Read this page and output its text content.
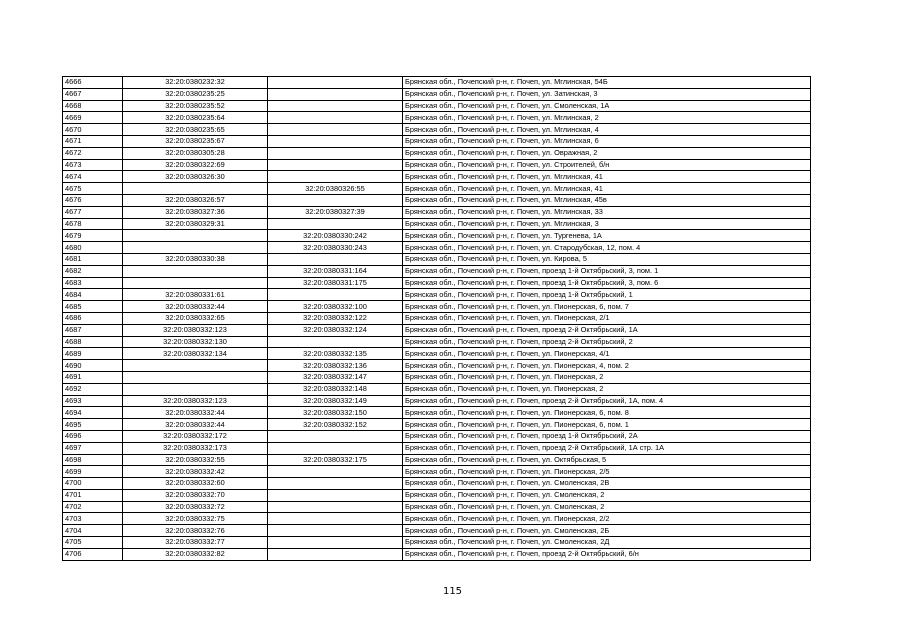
4666	32:20:0380232:32		Брянская обл., Почепский р-н, г. Почеп, ул. Мглинская, 54Б
4667	32:20:0380235:25		Брянская обл., Почепский р-н, г. Почеп, ул. Затинская, 3
4668	32:20:0380235:52		Брянская обл., Почепский р-н, г. Почеп, ул. Смоленская, 1А
4669	32:20:0380235:64		Брянская обл., Почепский р-н, г. Почеп, ул. Мглинская, 2
4670	32:20:0380235:65		Брянская обл., Почепский р-н, г. Почеп, ул. Мглинская, 4
4671	32:20:0380235:67		Брянская обл., Почепский р-н, г. Почеп, ул. Мглинская, 6
4672	32:20:0380305:28		Брянская обл., Почепский р-н, г. Почеп, ул. Овражная, 2
4673	32:20:0380322:69		Брянская обл., Почепский р-н, г. Почеп, ул. Строителей, б/н
4674	32:20:0380326:30		Брянская обл., Почепский р-н, г. Почеп, ул. Мглинская, 41
4675		32:20:0380326:55	Брянская обл., Почепский р-н, г. Почеп, ул. Мглинская, 41
4676	32:20:0380326:57		Брянская обл., Почепский р-н, г. Почеп, ул. Мглинская, 45в
4677	32:20:0380327:36	32:20:0380327:39	Брянская обл., Почепский р-н, г. Почеп, ул. Мглинская, 33
4678	32:20:0380329:31		Брянская обл., Почепский р-н, г. Почеп, ул. Мглинская, 3
4679		32:20:0380330:242	Брянская обл., Почепский р-н, г. Почеп, ул. Тургенева, 1А
4680		32:20:0380330:243	Брянская обл., Почепский р-н, г. Почеп, ул. Стародубская, 12, пом. 4
4681	32:20:0380330:38		Брянская обл., Почепский р-н, г. Почеп, ул. Кирова, 5
4682		32:20:0380331:164	Брянская обл., Почепский р-н, г. Почеп, проезд 1-й Октябрьский, 3, пом. 1
4683		32:20:0380331:175	Брянская обл., Почепский р-н, г. Почеп, проезд 1-й Октябрьский, 3, пом. 6
4684	32:20:0380331:61		Брянская обл., Почепский р-н, г. Почеп, проезд 1-й Октябрьский, 1
4685	32:20:0380332:44	32:20:0380332:100	Брянская обл., Почепский р-н, г. Почеп, ул. Пионерская, 6, пом. 7
4686	32:20:0380332:65	32:20:0380332:122	Брянская обл., Почепский р-н, г. Почеп, ул. Пионерская, 2/1
4687	32:20:0380332:123	32:20:0380332:124	Брянская обл., Почепский р-н, г. Почеп, проезд 2-й Октябрьский, 1А
4688	32:20:0380332:130		Брянская обл., Почепский р-н, г. Почеп, проезд 2-й Октябрьский, 2
4689	32:20:0380332:134	32:20:0380332:135	Брянская обл., Почепский р-н, г. Почеп, ул. Пионерская, 4/1
4690		32:20:0380332:136	Брянская обл., Почепский р-н, г. Почеп, ул. Пионерская, 4, пом. 2
4691		32:20:0380332:147	Брянская обл., Почепский р-н, г. Почеп, ул. Пионерская, 2
4692		32:20:0380332:148	Брянская обл., Почепский р-н, г. Почеп, ул. Пионерская, 2
4693	32:20:0380332:123	32:20:0380332:149	Брянская обл., Почепский р-н, г. Почеп, проезд 2-й Октябрьский, 1А, пом. 4
4694	32:20:0380332:44	32:20:0380332:150	Брянская обл., Почепский р-н, г. Почеп, ул. Пионерская, 6, пом. 8
4695	32:20:0380332:44	32:20:0380332:152	Брянская обл., Почепский р-н, г. Почеп, ул. Пионерская, 6, пом. 1
4696	32:20:0380332:172		Брянская обл., Почепский р-н, г. Почеп, проезд 1-й Октябрьский, 2А
4697	32:20:0380332:173		Брянская обл., Почепский р-н, г. Почеп, проезд 2-й Октябрьский, 1А стр. 1А
4698	32:20:0380332:55	32:20:0380332:175	Брянская обл., Почепский р-н, г. Почеп, ул. Октябрьская, 5
4699	32:20:0380332:42		Брянская обл., Почепский р-н, г. Почеп, ул. Пионерская, 2/5
4700	32:20:0380332:60		Брянская обл., Почепский р-н, г. Почеп, ул. Смоленская, 2В
4701	32:20:0380332:70		Брянская обл., Почепский р-н, г. Почеп, ул. Смоленская, 2
4702	32:20:0380332:72		Брянская обл., Почепский р-н, г. Почеп, ул. Смоленская, 2
4703	32:20:0380332:75		Брянская обл., Почепский р-н, г. Почеп, ул. Пионерская, 2/2
4704	32:20:0380332:76		Брянская обл., Почепский р-н, г. Почеп, ул. Смоленская, 2Б
4705	32:20:0380332:77		Брянская обл., Почепский р-н, г. Почеп, ул. Смоленская, 2Д
4706	32:20:0380332:82		Брянская обл., Почепский р-н, г. Почеп, проезд 2-й Октябрьский, 6/н
115
